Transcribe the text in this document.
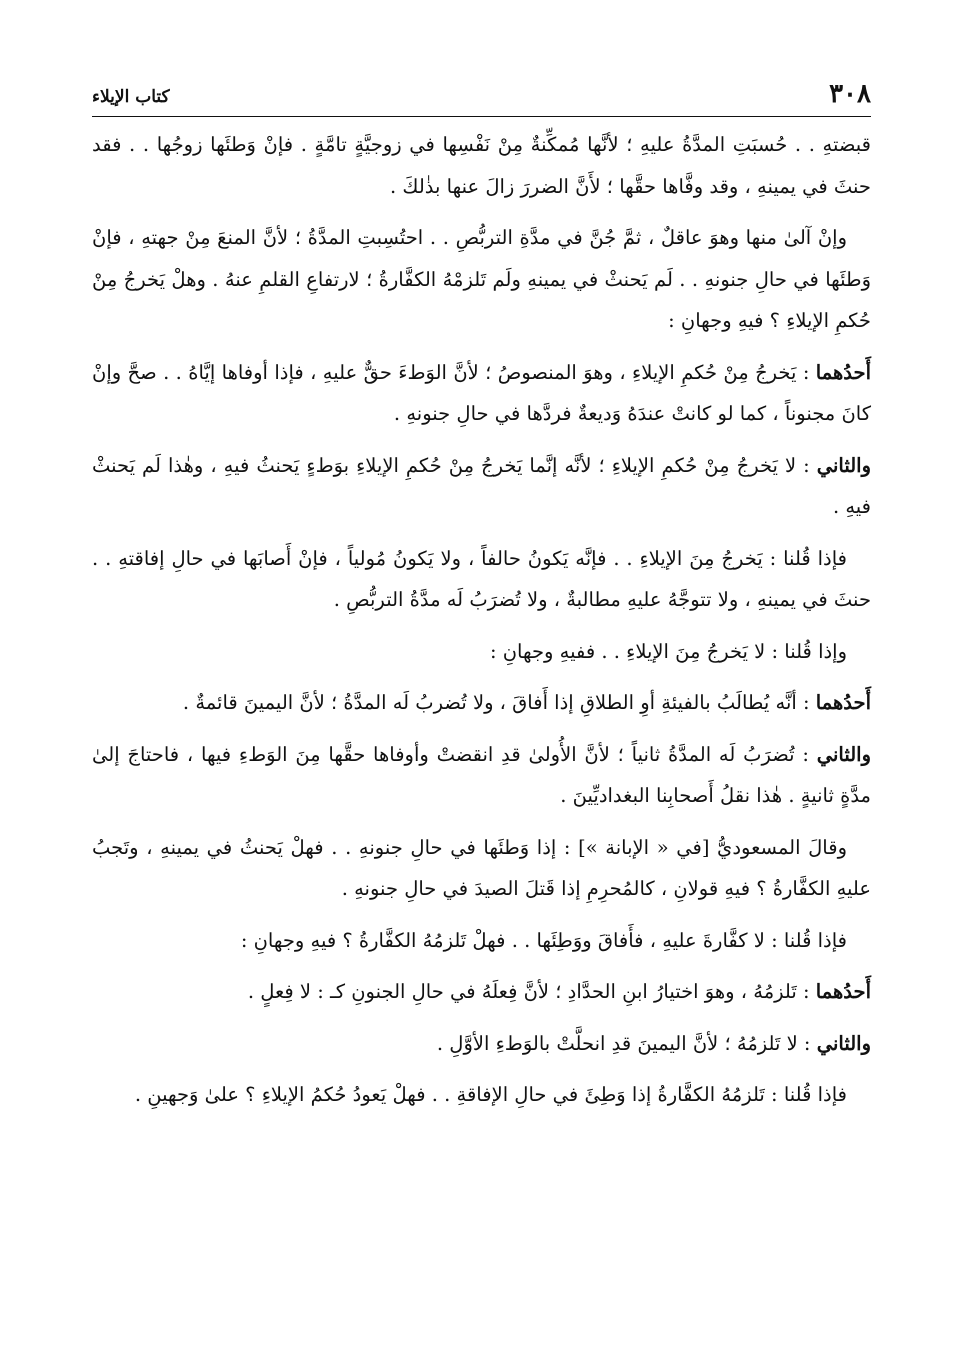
٣٠٨
كتاب الإيلاء

قبضتهِ . . حُسبَتِ المدَّةُ عليهِ ؛ لأنَّها مُمكِّنةٌ مِنْ نَفْسِها في زوجيَّةٍ تامَّةٍ . فإنْ وَطئَها زوجُها . . فقد حنثَ في يمينهِ ، وقد وفَّاها حقَّها ؛ لأَنَّ الضررَ زالَ عنها بذٰلكَ .

وإنْ آلىٰ منها وهوَ عاقلٌ ، ثمَّ جُنَّ في مدَّةِ التربُّصِ . . احتُسِبتِ المدَّةُ ؛ لأنَّ المنعَ مِنْ جهتهِ ، فإنْ وَطئَها في حالِ جنونهِ . . لَم يَحنثْ في يمينهِ ولَم تَلزمْهُ الكفَّارةُ ؛ لارتفاعِ القلمِ عنهُ . وهلْ يَخرجُ مِنْ حُكمِ الإيلاءِ ؟ فيهِ وجهانِ :

أَحدُهما : يَخرجُ مِنْ حُكمِ الإيلاءِ ، وهوَ المنصوصُ ؛ لأنَّ الوَطءَ حقٌّ عليهِ ، فإذا أوفاها إيَّاهُ . . صحَّ وإنْ كانَ مجنوناً ، كما لو كانتْ عندَهُ وَديعةٌ فردَّها في حالِ جنونهِ .

والثاني : لا يَخرجُ مِنْ حُكمِ الإيلاءِ ؛ لأنَّه إنَّما يَخرجُ مِنْ حُكمِ الإيلاءِ بوَطءٍ يَحنثُ فيهِ ، وهٰذا لَم يَحنثْ فيهِ .

فإذا قُلنا : يَخرجُ مِنَ الإيلاءِ . . فإنَّه يَكونُ حالفاً ، ولا يَكونُ مُولياً ، فإنْ أَصابَها في حالِ إفاقتهِ . . حنثَ في يمينهِ ، ولا تتوجَّهُ عليهِ مطالبةٌ ، ولا تُضرَبُ لَه مدَّةُ التربُّصِ .

وإذا قُلنا : لا يَخرجُ مِنَ الإيلاءِ . . ففيهِ وجهانِ :

أَحدُهما : أنَّه يُطالَبُ بالفيئةِ أوِ الطلاقِ إذا أَفاقَ ، ولا تُضربُ لَه المدَّةُ ؛ لأنَّ اليمينَ قائمةٌ .

والثاني : تُضرَبُ لَه المدَّةُ ثانياً ؛ لأنَّ الأُولىٰ قدِ انقضتْ وأوفاها حقَّها مِنَ الوَطءِ فيها ، فاحتاجَ إلىٰ مدَّةٍ ثانيةٍ . هٰذا نقلُ أَصحابِنا البغداديِّينَ .

وقالَ المسعوديُّ [في « الإبانة »] : إذا وَطئَها في حالِ جنونهِ . . فهلْ يَحنثُ في يمينهِ ، وتَجبُ عليهِ الكفَّارةُ ؟ فيهِ قولانِ ، كالمُحرِمِ إذا قَتلَ الصيدَ في حالِ جنونهِ .

فإذا قُلنا : لا كفَّارةَ عليهِ ، فأَفاقَ ووَطِئَها . . فهلْ تَلزمُهُ الكفَّارةُ ؟ فيهِ وجهانِ :

أَحدُهما : تَلزمُهُ ، وهوَ اختيارُ ابنِ الحدَّادِ ؛ لأنَّ فِعلَهُ في حالِ الجنونِ كـ : لا فِعلٍ .

والثاني : لا تَلزمُهُ ؛ لأنَّ اليمينَ قدِ انحلَّتْ بالوَطءِ الأوَّلِ .

فإذا قُلنا : تَلزمُهُ الكفَّارةُ إذا وَطِئَ في حالِ الإفاقةِ . . فهلْ يَعودُ حُكمُ الإيلاءِ ؟ علىٰ وَجهينِ .
